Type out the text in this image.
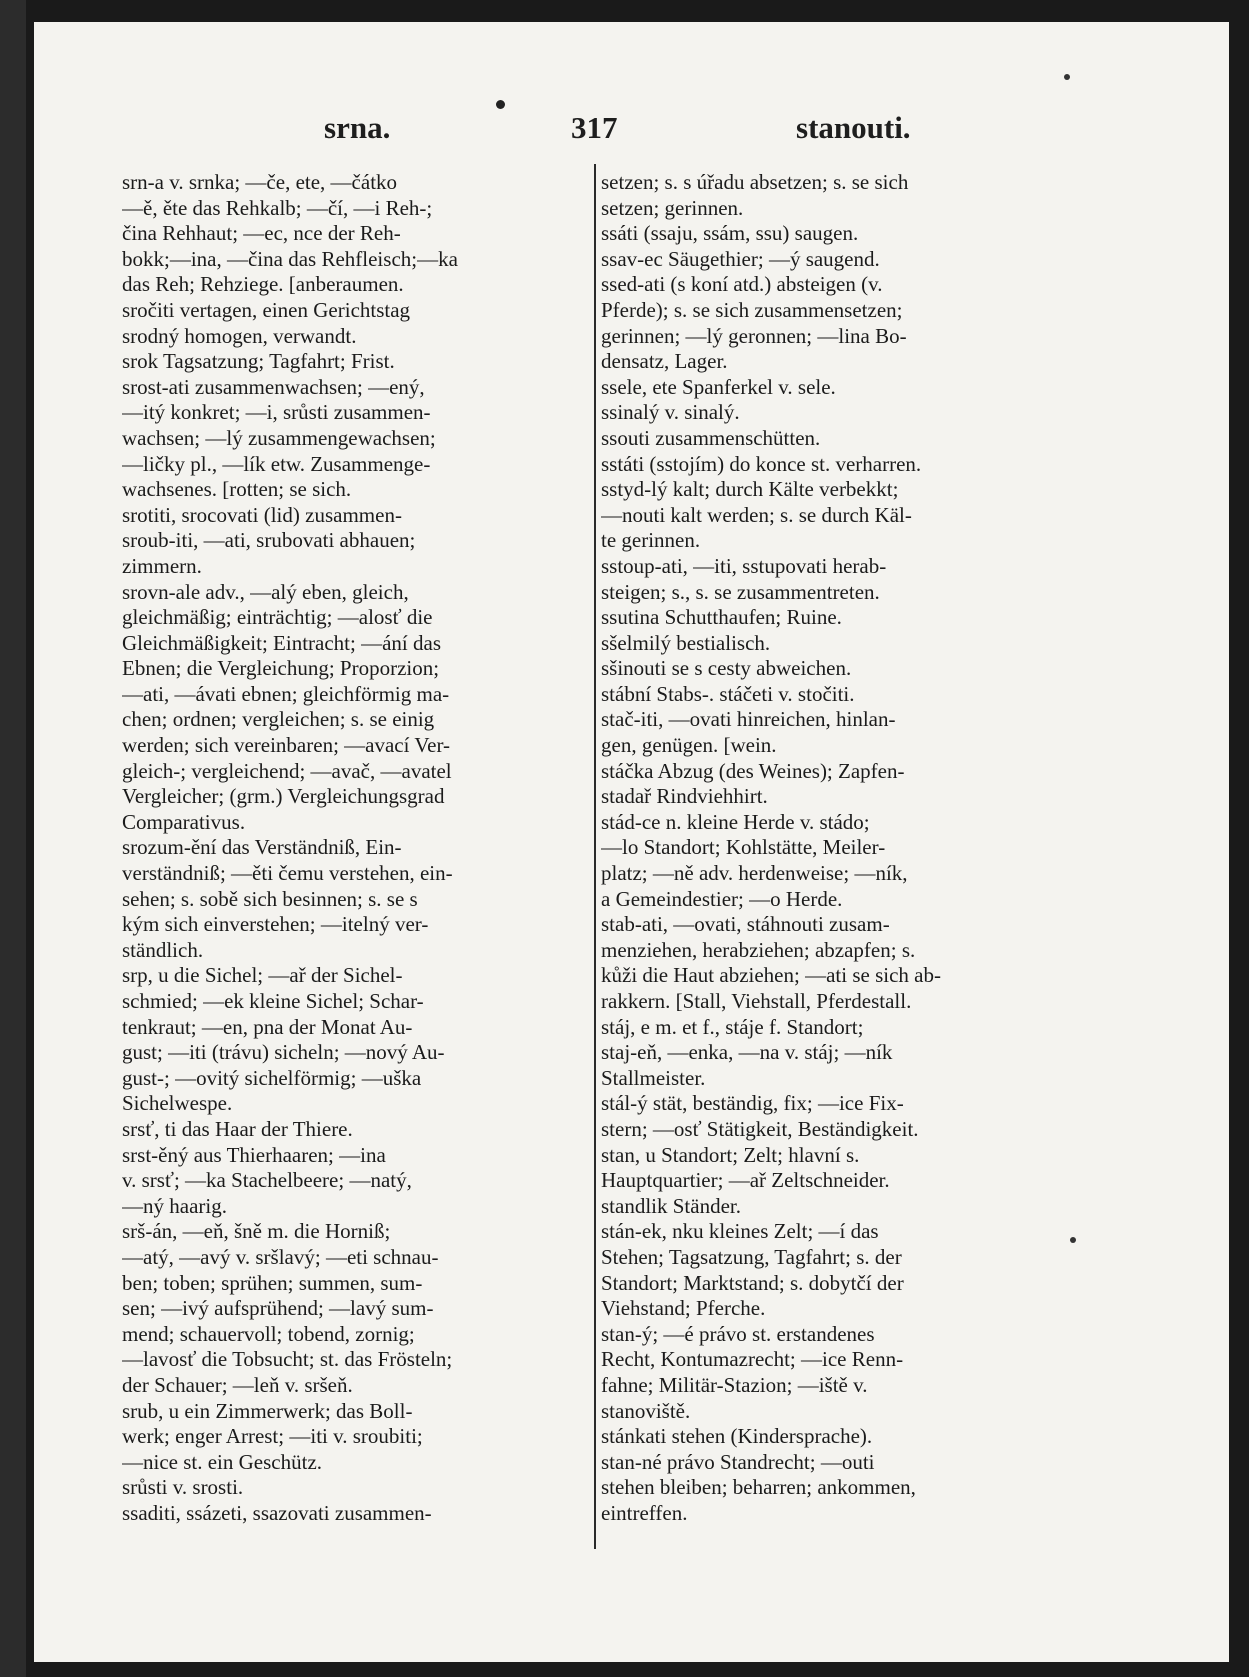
srna.	317	stanouti.
srn-a v. srnka; —če, ete, —čátko
—ě, ěte das Rehkalb; —čí, —i Reh-;
čina Rehhaut; —ec, nce der Reh-
bokk;—ina, —čina das Rehfleisch;—ka
das Reh; Rehziege. [anberaumen.
sročiti vertagen, einen Gerichtstag
srodný homogen, verwandt.
srok Tagsatzung; Tagfahrt; Frist.
srost-ati zusammenwachsen; —ený,
—itý konkret; —i, srůsti zusammen-
wachsen; —lý zusammengewachsen;
—ličky pl., —lík etw. Zusammenge-
wachsenes. [rotten; se sich.
srotiti, srocovati (lid) zusammen-
sroub-iti, —ati, srubovati abhauen;
zimmern.
srovn-ale adv., —alý eben, gleich,
gleichmäßig; einträchtig; —alosť die
Gleichmäßigkeit; Eintracht; —ání das
Ebnen; die Vergleichung; Proporzion;
—ati, —ávati ebnen; gleichförmig ma-
chen; ordnen; vergleichen; s. se einig
werden; sich vereinbaren; —avací Ver-
gleich-; vergleichend; —avač, —avatel
Vergleicher; (grm.) Vergleichungsgrad
Comparativus.
srozum-ění das Verständniß, Ein-
verständniß; —ěti čemu verstehen, ein-
sehen; s. sobě sich besinnen; s. se s
kým sich einverstehen; —itelný ver-
ständlich.
srp, u die Sichel; —ař der Sichel-
schmied; —ek kleine Sichel; Schar-
tenkraut; —en, pna der Monat Au-
gust; —iti (trávu) sicheln; —nový Au-
gust-; —ovitý sichelförmig; —uška
Sichelwespe.
srsť, ti das Haar der Thiere.
srst-ěný aus Thierhaaren; —ina
v. srsť; —ka Stachelbeere; —natý,
—ný haarig.
srš-án, —eň, šně m. die Horniß;
—atý, —avý v. sršlavý; —eti schnau-
ben; toben; sprühen; summen, sum-
sen; —ivý aufsprühend; —lavý sum-
mend; schauervoll; tobend, zornig;
—lavosť die Tobsucht; st. das Frösteln;
der Schauer; —leň v. sršeň.
srub, u ein Zimmerwerk; das Boll-
werk; enger Arrest; —iti v. sroubiti;
—nice st. ein Geschütz.
srůsti v. srosti.
ssaditi, ssázeti, ssazovati zusammen-
setzen; s. s úřadu absetzen; s. se sich
setzen; gerinnen.
ssáti (ssaju, ssám, ssu) saugen.
ssav-ec Säugethier; —ý saugend.
ssed-ati (s koní atd.) absteigen (v.
Pferde); s. se sich zusammensetzen;
gerinnen; —lý geronnen; —lina Bo-
densatz, Lager.
ssele, ete Spanferkel v. sele.
ssinalý v. sinalý.
ssouti zusammenschütten.
sstáti (sstojím) do konce st. verharren.
sstyd-lý kalt; durch Kälte verbekkt;
—nouti kalt werden; s. se durch Käl-
te gerinnen.
sstoup-ati, —iti, sstupovati herab-
steigen; s., s. se zusammentreten.
ssutina Schutthaufen; Ruine.
sšelmilý bestialisch.
sšinouti se s cesty abweichen.
stábní Stabs-. stáčeti v. stočiti.
stač-iti, —ovati hinreichen, hinlan-
gen, genügen. [wein.
stáčka Abzug (des Weines); Zapfen-
stadař Rindviehhirt.
stád-ce n. kleine Herde v. stádo;
—lo Standort; Kohlstätte, Meiler-
platz; —ně adv. herdenweise; —ník,
a Gemeindestier; —o Herde.
stab-ati, —ovati, stáhnouti zusam-
menziehen, herabziehen; abzapfen; s.
kůži die Haut abziehen; —ati se sich ab-
rakkern. [Stall, Viehstall, Pferdestall.
stáj, e m. et f., stáje f. Standort;
staj-eň, —enka, —na v. stáj; —ník
Stallmeister.
stál-ý stät, beständig, fix; —ice Fix-
stern; —osť Stätigkeit, Beständigkeit.
stan, u Standort; Zelt; hlavní s.
Hauptquartier; —ař Zeltschneider.
standlik Ständer.
stán-ek, nku kleines Zelt; —í das
Stehen; Tagsatzung, Tagfahrt; s. der
Standort; Marktstand; s. dobytčí der
Viehstand; Pferche.
stan-ý; —é právo st. erstandenes
Recht, Kontumazrecht; —ice Renn-
fahne; Militär-Stazion; —iště v.
stanoviště.
stánkati stehen (Kindersprache).
stan-né právo Standrecht; —outi
stehen bleiben; beharren; ankommen,
eintreffen.
